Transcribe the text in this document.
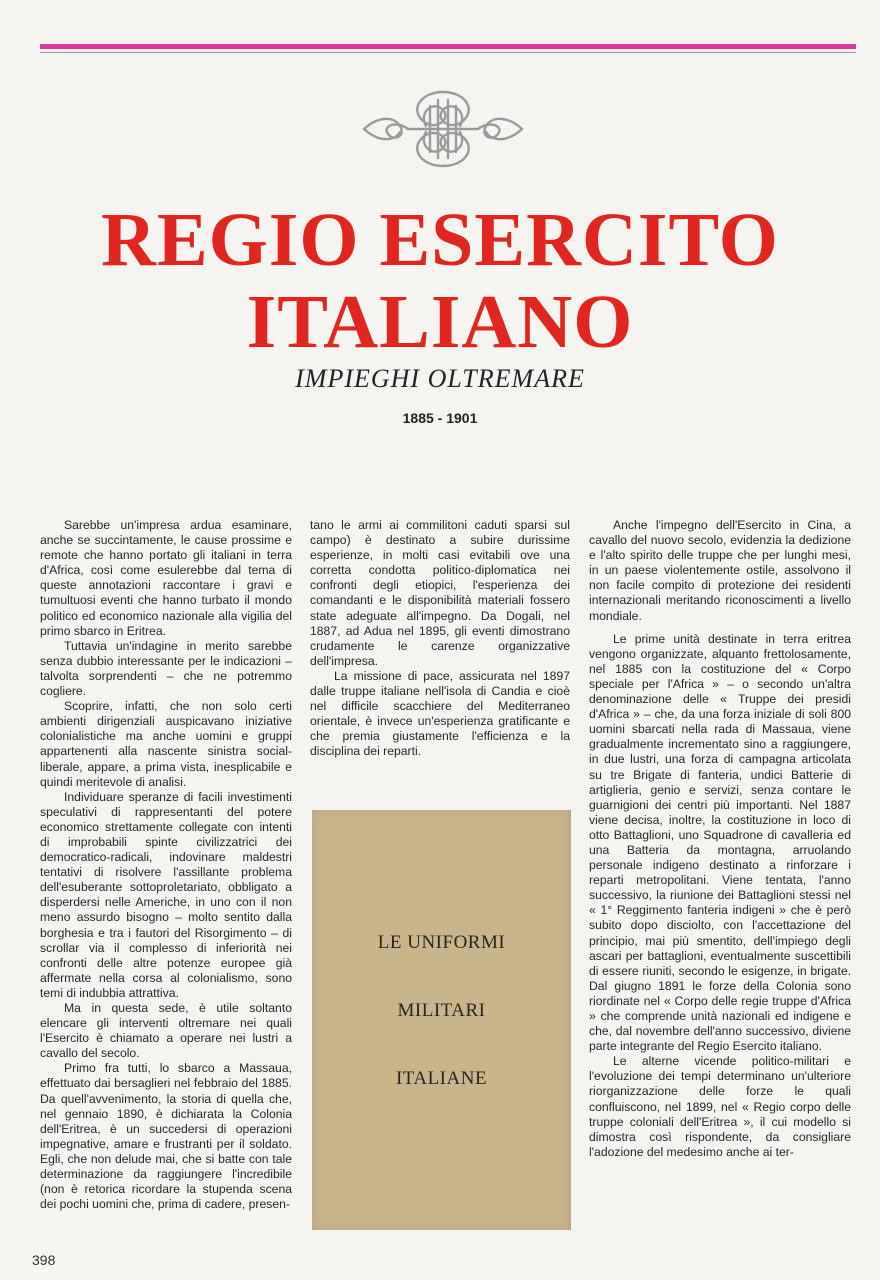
REGIO ESERCITO
ITALIANO
IMPIEGHI OLTREMARE
1885 - 1901

Sarebbe un'impresa ardua esaminare, anche se succintamente, le cause prossime e remote che hanno portato gli italiani in terra d'Africa, così come esulerebbe dal tema di queste annotazioni raccontare i gravi e tumultuosi eventi che hanno turbato il mondo politico ed economico nazionale alla vigilia del primo sbarco in Eritrea.

Tuttavia un'indagine in merito sarebbe senza dubbio interessante per le indicazioni – talvolta sorprendenti – che ne potremmo cogliere.

Scoprire, infatti, che non solo certi ambienti dirigenziali auspicavano iniziative colonialistiche ma anche uomini e gruppi appartenenti alla nascente sinistra social-liberale, appare, a prima vista, inesplicabile e quindi meritevole di analisi.

Individuare speranze di facili investimenti speculativi di rappresentanti del potere economico strettamente collegate con intenti di improbabili spinte civilizzatrici dei democratico-radicali, indovinare maldestri tentativi di risolvere l'assillante problema dell'esuberante sottoproletariato, obbligato a disperdersi nelle Americhe, in uno con il non meno assurdo bisogno – molto sentito dalla borghesia e tra i fautori del Risorgimento – di scrollar via il complesso di inferiorità nei confronti delle altre potenze europee già affermate nella corsa al colonialismo, sono temi di indubbia attrattiva.

Ma in questa sede, è utile soltanto elencare gli interventi oltremare nei quali l'Esercito è chiamato a operare nei lustri a cavallo del secolo.

Primo fra tutti, lo sbarco a Massaua, effettuato dai bersaglieri nel febbraio del 1885. Da quell'avvenimento, la storia di quella che, nel gennaio 1890, è dichiarata la Colonia dell'Eritrea, è un succedersi di operazioni impegnative, amare e frustranti per il soldato. Egli, che non delude mai, che si batte con tale determinazione da raggiungere l'incredibile (non è retorica ricordare la stupenda scena dei pochi uomini che, prima di cadere, presen-

tano le armi ai commilitoni caduti sparsi sul campo) è destinato a subire durissime esperienze, in molti casi evitabili ove una corretta condotta politico-diplomatica nei confronti degli etiopici, l'esperienza dei comandanti e le disponibilità materiali fossero state adeguate all'impegno. Da Dogali, nel 1887, ad Adua nel 1895, gli eventi dimostrano crudamente le carenze organizzative dell'impresa.

La missione di pace, assicurata nel 1897 dalle truppe italiane nell'isola di Candia e cioè nel difficile scacchiere del Mediterraneo orientale, è invece un'esperienza gratificante e che premia giustamente l'efficienza e la disciplina dei reparti.

LE UNIFORMI
MILITARI
ITALIANE

Anche l'impegno dell'Esercito in Cina, a cavallo del nuovo secolo, evidenzia la dedizione e l'alto spirito delle truppe che per lunghi mesi, in un paese violentemente ostile, assolvono il non facile compito di protezione dei residenti internazionali meritando riconoscimenti a livello mondiale.

Le prime unità destinate in terra eritrea vengono organizzate, alquanto frettolosamente, nel 1885 con la costituzione del « Corpo speciale per l'Africa » – o secondo un'altra denominazione delle « Truppe dei presidi d'Africa » – che, da una forza iniziale di soli 800 uomini sbarcati nella rada di Massaua, viene gradualmente incrementato sino a raggiungere, in due lustri, una forza di campagna articolata su tre Brigate di fanteria, undici Batterie di artiglieria, genio e servizi, senza contare le guarnigioni dei centri più importanti. Nel 1887 viene decisa, inoltre, la costituzione in loco di otto Battaglioni, uno Squadrone di cavalleria ed una Batteria da montagna, arruolando personale indigeno destinato a rinforzare i reparti metropolitani. Viene tentata, l'anno successivo, la riunione dei Battaglioni stessi nel « 1° Reggimento fanteria indigeni » che è però subito dopo disciolto, con l'accettazione del principio, mai più smentito, dell'impiego degli ascari per battaglioni, eventualmente suscettibili di essere riuniti, secondo le esigenze, in brigate. Dal giugno 1891 le forze della Colonia sono riordinate nel « Corpo delle regie truppe d'Africa » che comprende unità nazionali ed indigene e che, dal novembre dell'anno successivo, diviene parte integrante del Regio Esercito italiano.

Le alterne vicende politico-militari e l'evoluzione dei tempi determinano un'ulteriore riorganizzazione delle forze le quali confluiscono, nel 1899, nel « Regio corpo delle truppe coloniali dell'Eritrea », il cui modello si dimostra così rispondente, da consigliare l'adozione del medesimo anche ai ter-

398
